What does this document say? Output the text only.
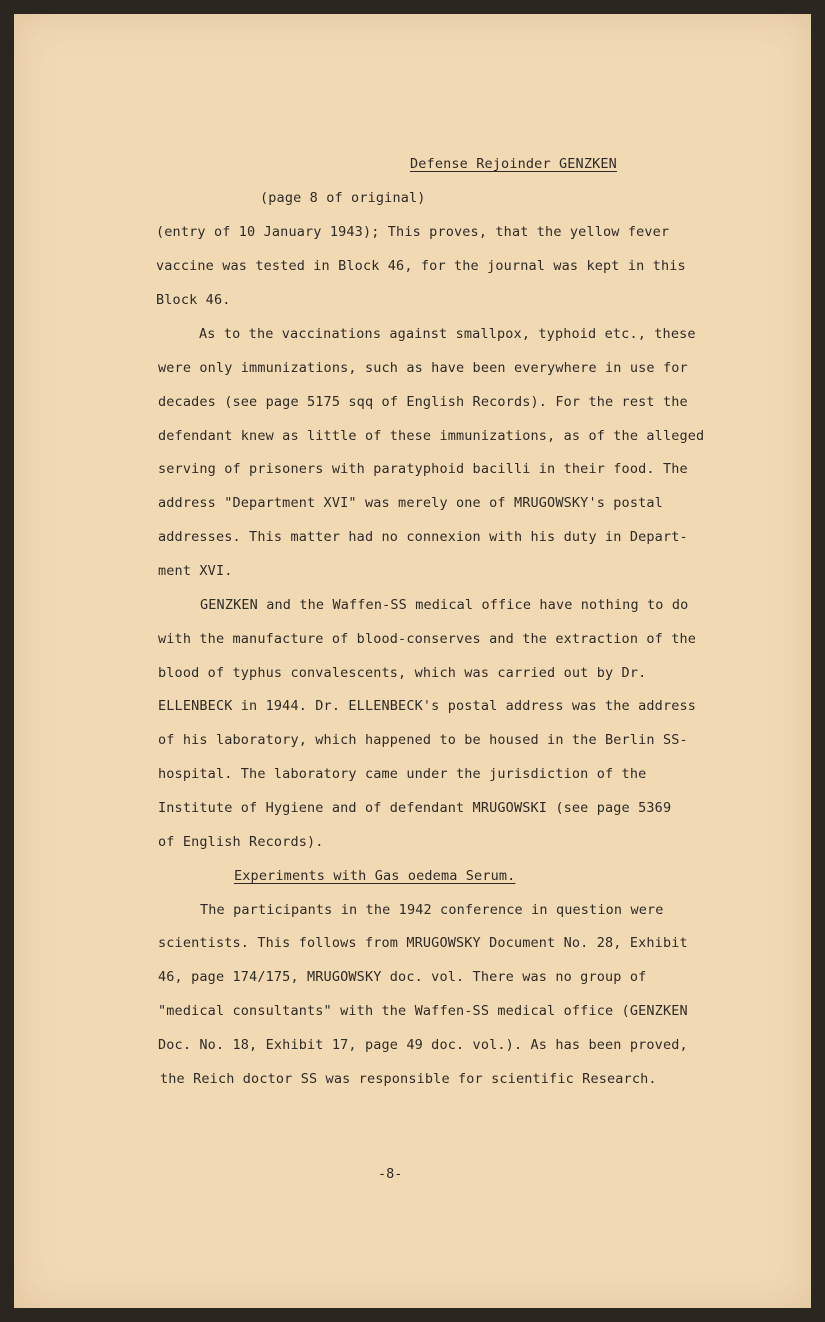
Defense Rejoinder GENZKEN
(page 8 of original)
(entry of 10 January 1943); This proves, that the yellow fever
vaccine was tested in Block 46, for the journal was kept in this
Block 46.
As to the vaccinations against smallpox, typhoid etc., these
were only immunizations, such as have been everywhere in use for
decades (see page 5175 sqq of English Records). For the rest the
defendant knew as little of these immunizations, as of the alleged
serving of prisoners with paratyphoid bacilli in their food. The
address "Department XVI" was merely one of MRUGOWSKY's postal
addresses. This matter had no connexion with his duty in Depart-
ment XVI.
GENZKEN and the Waffen-SS medical office have nothing to do
with the manufacture of blood-conserves and the extraction of the
blood of typhus convalescents, which was carried out by Dr.
ELLENBECK in 1944. Dr. ELLENBECK's postal address was the address
of his laboratory, which happened to be housed in the Berlin SS-
hospital. The laboratory came under the jurisdiction of the
Institute of Hygiene and of defendant MRUGOWSKI (see page 5369
of English Records).
Experiments with Gas oedema Serum.
The participants in the 1942 conference in question were
scientists. This follows from MRUGOWSKY Document No. 28, Exhibit
46, page 174/175, MRUGOWSKY doc. vol. There was no group of
"medical consultants" with the Waffen-SS medical office (GENZKEN
Doc. No. 18, Exhibit 17, page 49 doc. vol.). As has been proved,
the Reich doctor SS was responsible for scientific Research.
-8-
